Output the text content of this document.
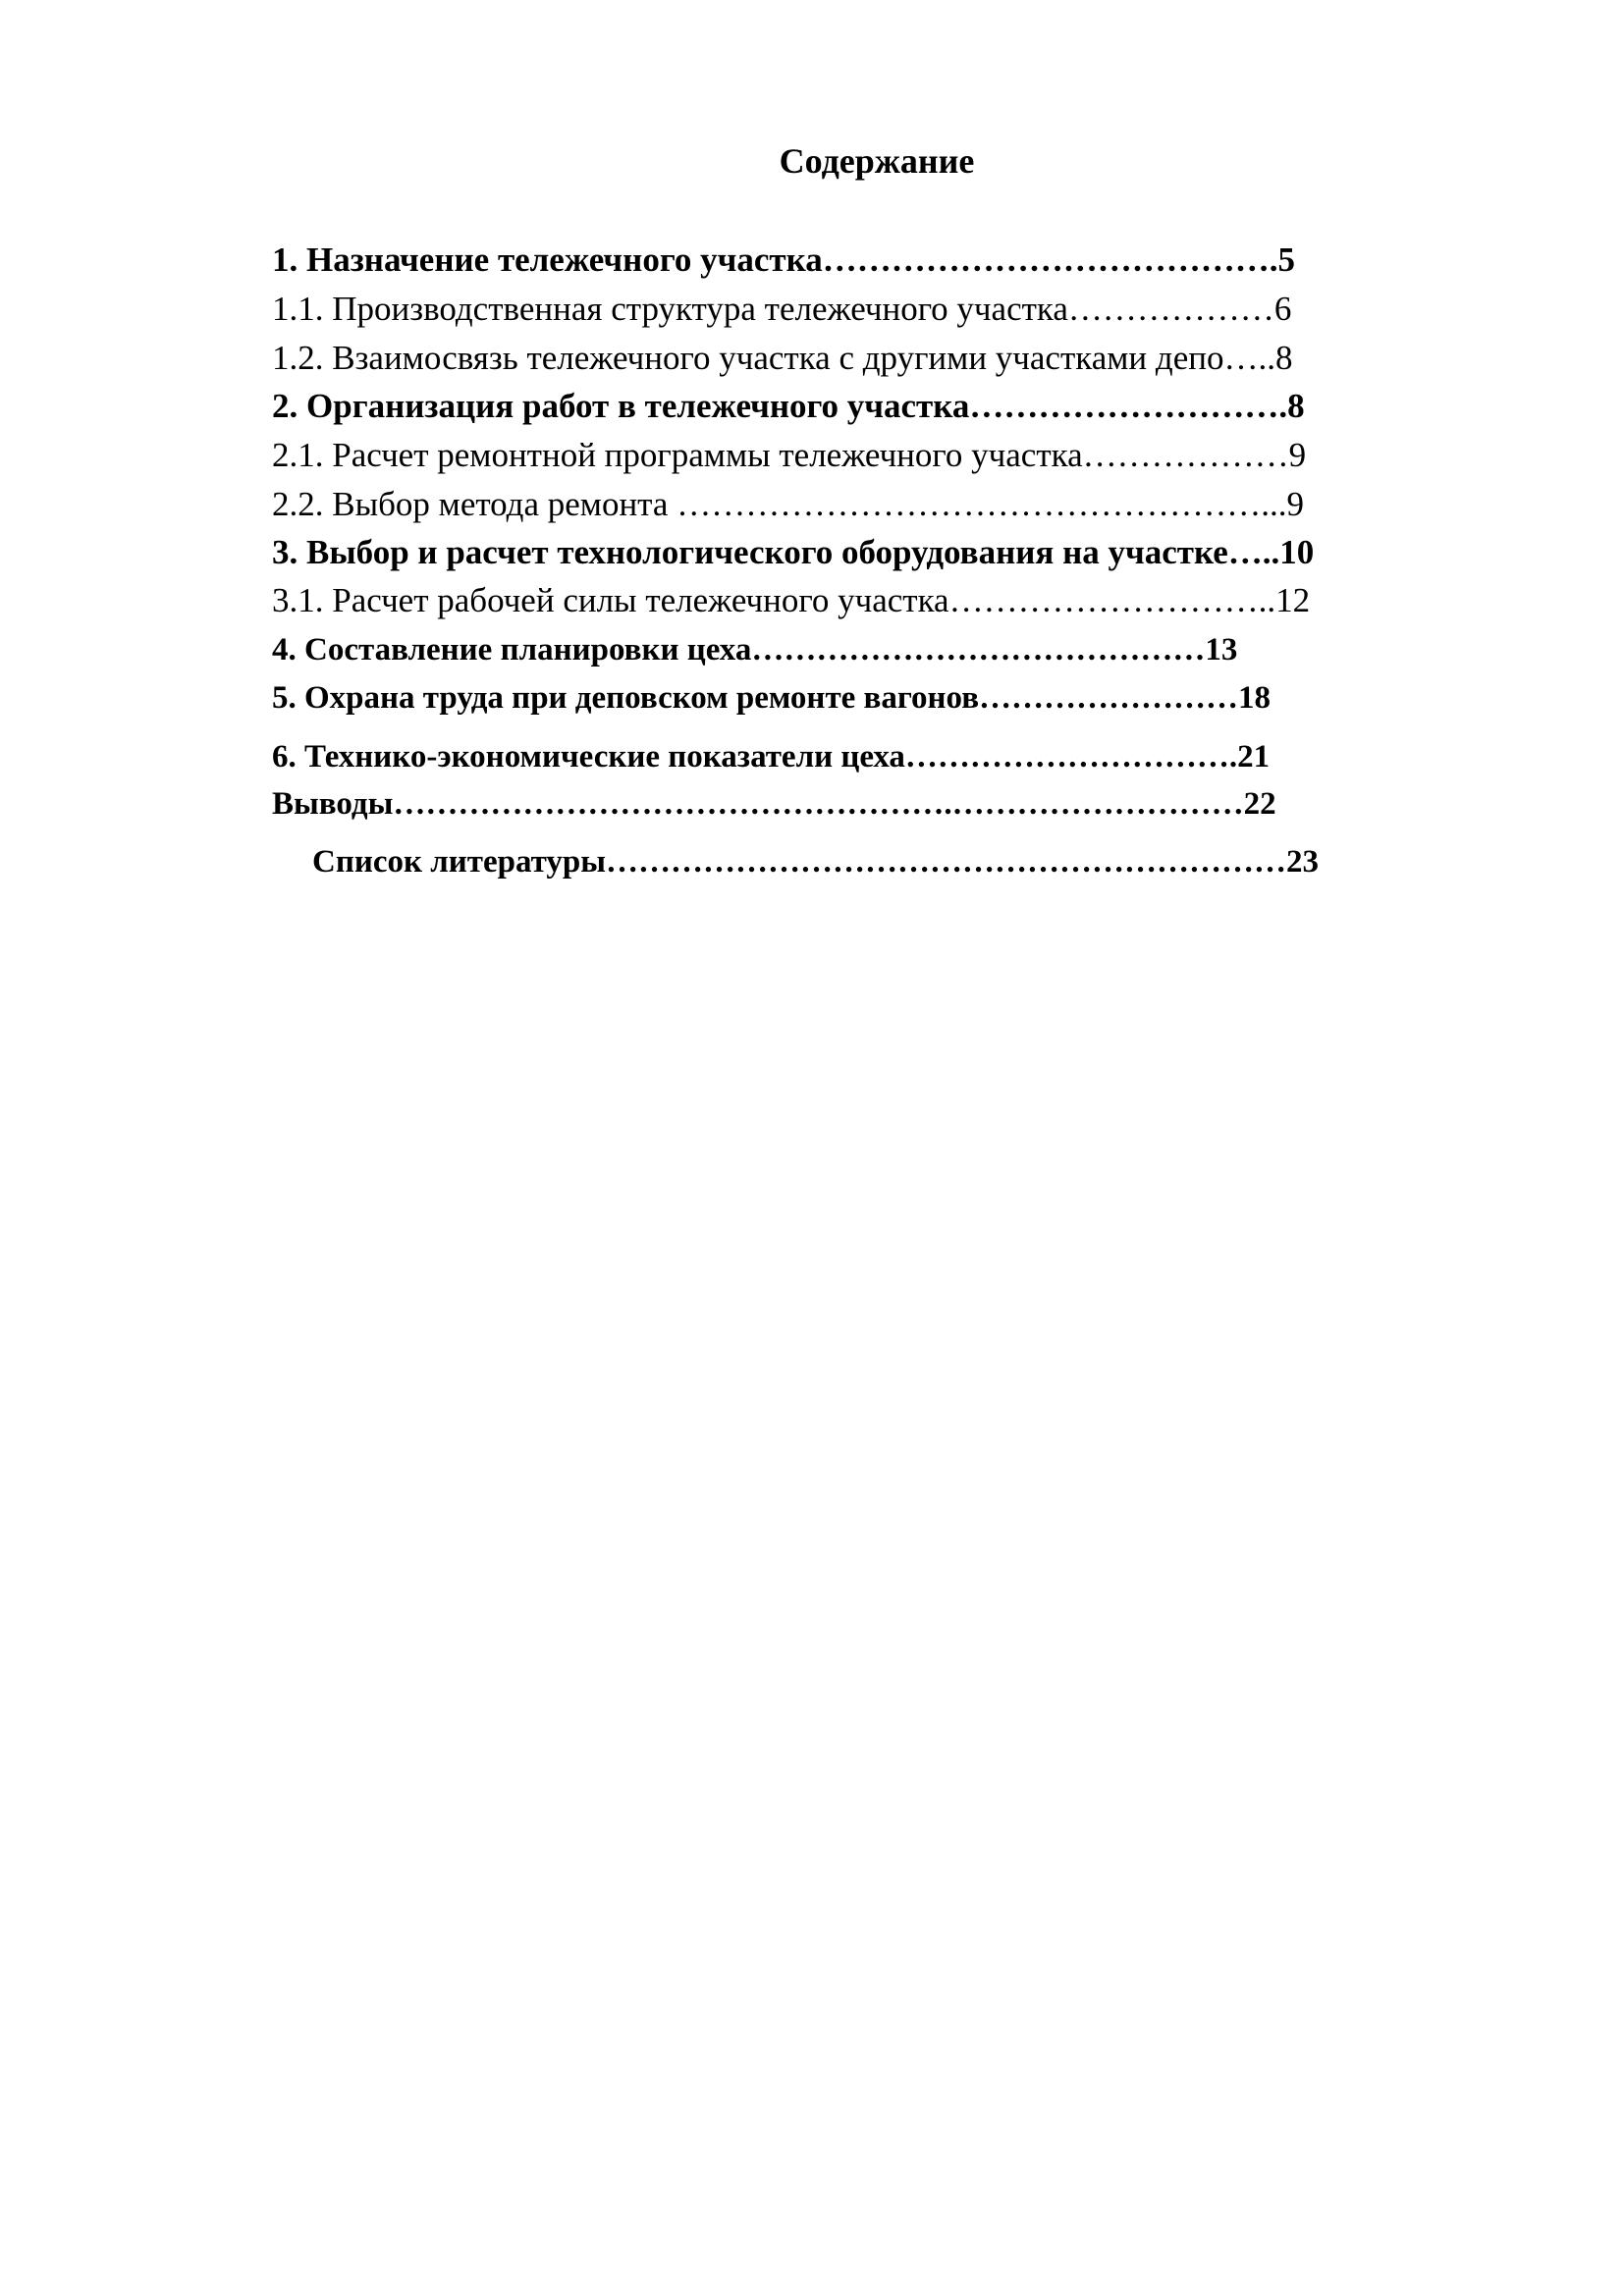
Содержание
1. Назначение тележечного участка………………………………….5
1.1. Производственная структура тележечного участка………………6
1.2. Взаимосвязь тележечного участка с другими участками депо…..8
2. Организация работ в тележечного участка……………………….8
2.1. Расчет ремонтной программы тележечного участка………………9
2.2. Выбор метода ремонта ……………………………………………...9
3. Выбор и расчет технологического оборудования на участке…..10
3.1. Расчет рабочей силы тележечного участка………………………..12
4. Составление планировки цеха……………………………………13
5. Охрана труда при деповском ремонте вагонов……………………18
6. Технико-экономические показатели цеха………………………….21
Выводы…………………………………………….………………………22
Список литературы………………………………………………………23
